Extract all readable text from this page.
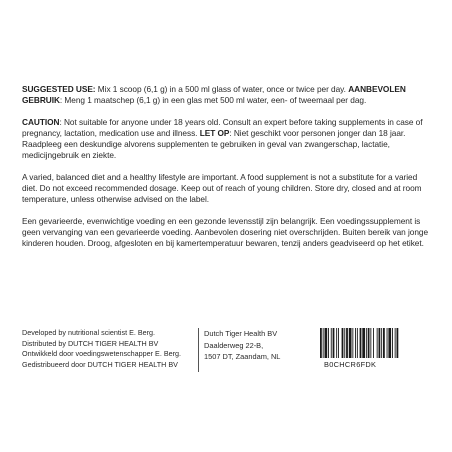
SUGGESTED USE: Mix 1 scoop (6,1 g) in a 500 ml glass of water, once or twice per day. AANBEVOLEN GEBRUIK: Meng 1 maatschep (6,1 g) in een glas met 500 ml water, een- of tweemaal per dag.

CAUTION: Not suitable for anyone under 18 years old. Consult an expert before taking supplements in case of pregnancy, lactation, medication use and illness. LET OP: Niet geschikt voor personen jonger dan 18 jaar. Raadpleeg een deskundige alvorens supplementen te gebruiken in geval van zwangerschap, lactatie, medicijngebruik en ziekte.

A varied, balanced diet and a healthy lifestyle are important. A food supplement is not a substitute for a varied diet. Do not exceed recommended dosage. Keep out of reach of young children. Store dry, closed and at room temperature, unless otherwise advised on the label.

Een gevarieerde, evenwichtige voeding en een gezonde levensstijl zijn belangrijk. Een voedingssupplement is geen vervanging van een gevarieerde voeding. Aanbevolen dosering niet overschrijden. Buiten bereik van jonge kinderen houden. Droog, afgesloten en bij kamertemperatuur bewaren, tenzij anders geadviseerd op het etiket.

Developed by nutritional scientist E. Berg.
Distributed by DUTCH TIGER HEALTH BV
Ontwikkeld door voedingswetenschapper E. Berg.
Gedistribueerd door DUTCH TIGER HEALTH BV
Dutch Tiger Health BV
Daalderweg 22-B,
1507 DT, Zaandam, NL
B0CHCR6FDK
